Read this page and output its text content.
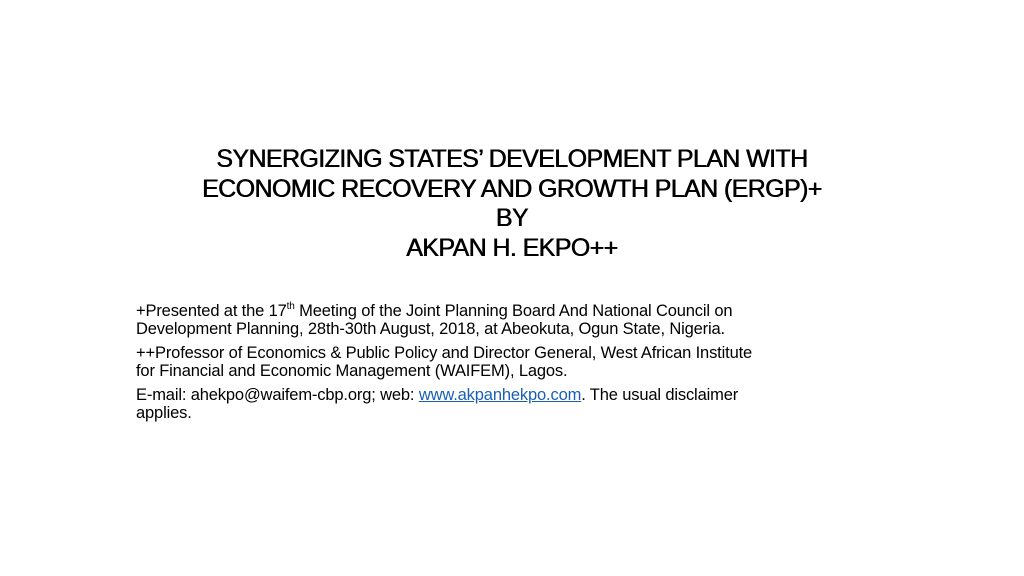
SYNERGIZING STATES’ DEVELOPMENT PLAN WITH
ECONOMIC RECOVERY AND GROWTH PLAN (ERGP)+
BY
AKPAN H. EKPO++

+Presented at the 17th Meeting of the Joint Planning Board And National Council on
Development Planning, 28th-30th August, 2018, at Abeokuta, Ogun State, Nigeria.

++Professor of Economics & Public Policy and Director General, West African Institute
for Financial and Economic Management (WAIFEM), Lagos.

E-mail: ahekpo@waifem-cbp.org; web: www.akpanhekpo.com. The usual disclaimer
applies.
